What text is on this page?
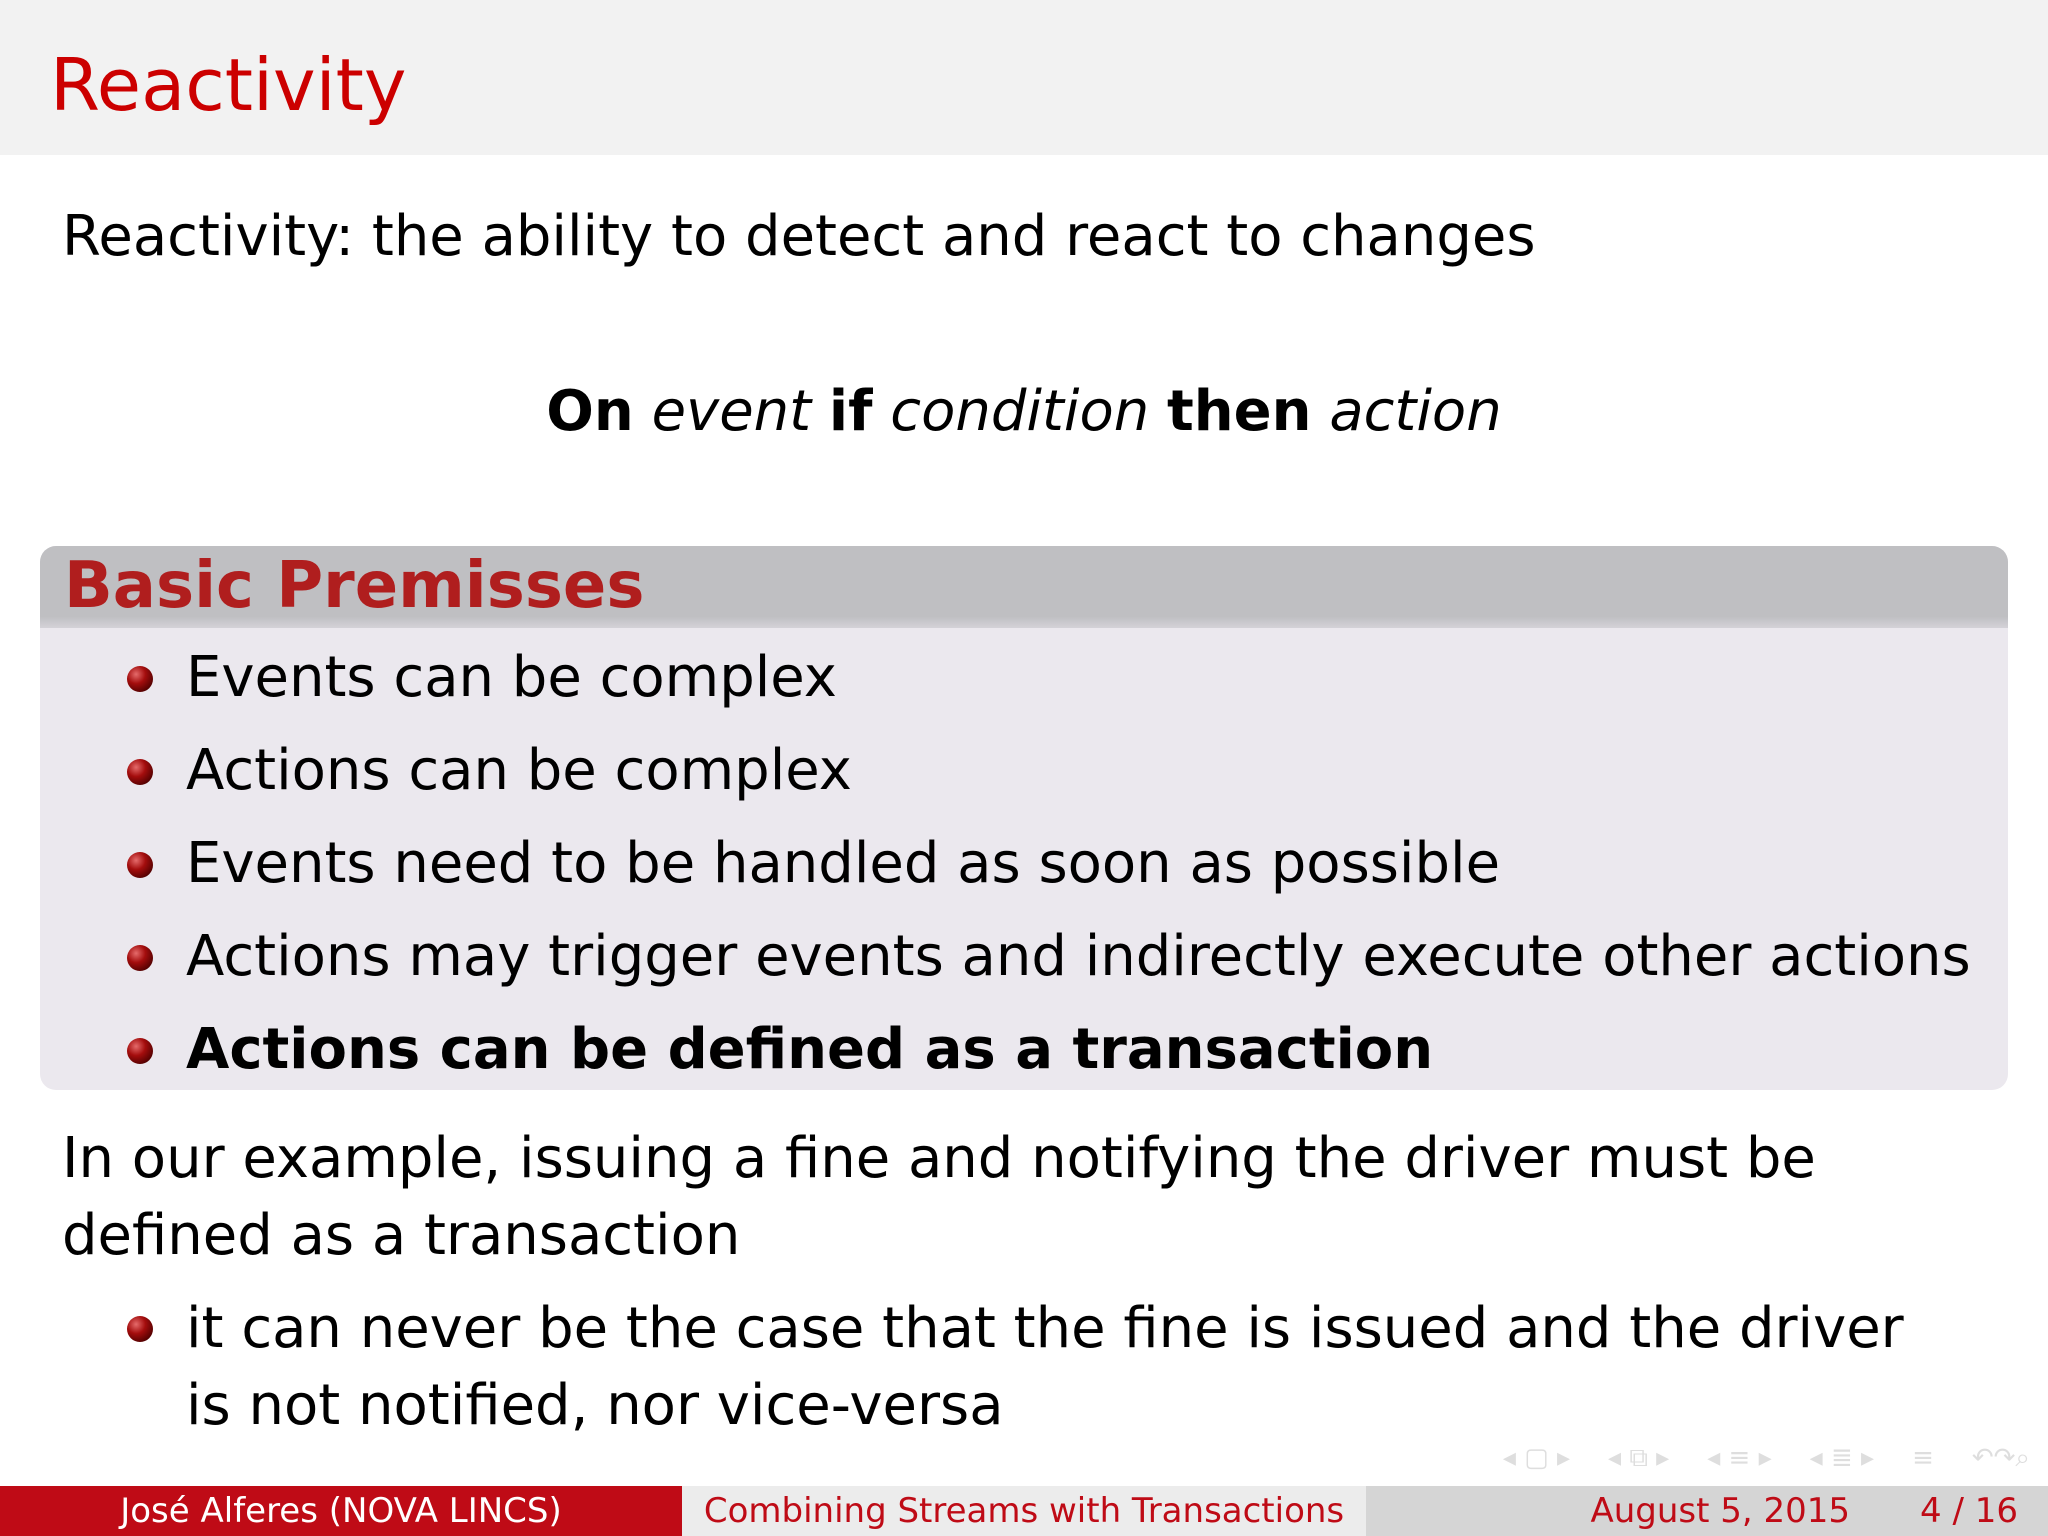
Reactivity

Reactivity: the ability to detect and react to changes

On event if condition then action

Basic Premisses
Events can be complex
Actions can be complex
Events need to be handled as soon as possible
Actions may trigger events and indirectly execute other actions
Actions can be defined as a transaction

In our example, issuing a fine and notifying the driver must be defined as a transaction

it can never be the case that the fine is issued and the driver is not notified, nor vice-versa
◂ ▢ ▸ ◂ ⧉ ▸ ◂ ≡ ▸ ◂ ≣ ▸ ≡ ↶↷⌕
José Alferes (NOVA LINCS)	Combining Streams with Transactions	August 5, 2015 4 / 16
